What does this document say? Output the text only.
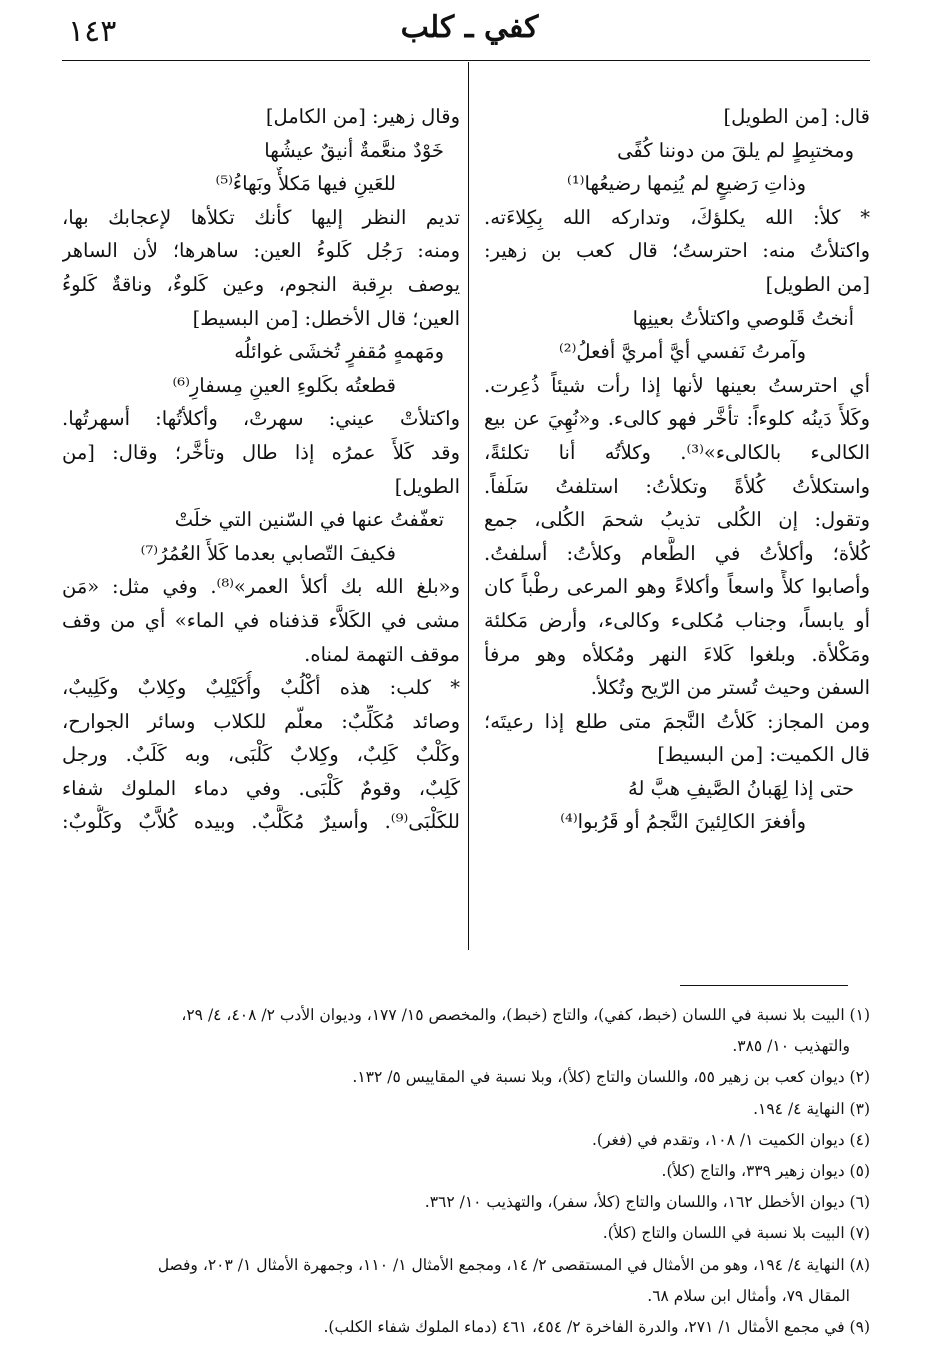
١٤٣	كفي ـ كلب
قال: [من الطويل]
ومختبِطٍ لم يلقَ من دوننا كُفًى
وذاتِ رَضيعٍ لم يُنِمها رضيعُها⁽¹⁾
* كلأ: الله يكلؤكَ، وتداركه الله بِكِلاءَته.
واكتلأتُ منه: احترستُ؛ قال كعب بن زهير:
[من الطويل]
أنختُ قَلوصي واكتلأتُ بعينِها
وآمرتُ نَفسي أيَّ أمريَّ أفعلُ⁽²⁾
أي احترستُ بعينها لأنها إذا رأت شيئاً ذُعِرت.
وكَلأَ دَينُه كلوءاً: تأخَّر فهو كالىء. و«نُهِيَ عن بيع
الكالىء بالكالىء»⁽³⁾. وكلأتُه أنا تكلئةً،
واستكلأتُ كُلأةً وتكلأتُ: استلفتُ سَلَفاً.
وتقول: إن الكُلى تذيبُ شحمَ الكُلى، جمع
كُلأة؛ وأكلأتُ في الطَّعام وكلأتُ: أسلفتُ.
وأصابوا كلأً واسعاً وأكلاءً وهو المرعى رطْباً كان
أو يابساً، وجناب مُكلىء وكالىء، وأرض مَكلئة
ومَكْلأة. وبلغوا كَلاءَ النهر ومُكلأه وهو مرفأ
السفن وحيث تُستر من الرّيح وتُكلأ.
ومن المجاز: كَلأتُ النَّجمَ متى طلع إذا رعيتَه؛
قال الكميت: [من البسيط]
حتى إذا لِهَبانُ الصَّيفِ هبَّ لهُ
وأفغرَ الكالِئينَ النَّجمُ أو قَرُبوا⁽⁴⁾
وقال زهير: [من الكامل]
خَوْدٌ منعَّمةٌ أنيقٌ عيشُها
للعَينِ فيها مَكلأٌ وبَهاءُ⁽⁵⁾
تديم النظر إليها كأنك تكلأها لإعجابك بها،
ومنه: رَجُل كَلوءُ العين: ساهرها؛ لأن الساهر
يوصف برِقبة النجوم، وعين كَلوءٌ، وناقةٌ كَلوءُ
العين؛ قال الأخطل: [من البسيط]
ومَهمهٍ مُقفرٍ تُخشَى غوائلُه
قطعتُه بكَلوءِ العينِ مِسفارِ⁽⁶⁾
واكتلأتْ عيني: سهرتْ، وأكلأتُها: أسهرتُها.
وقد كَلأَ عمرُه إذا طال وتأخَّر؛ وقال: [من
الطويل]
تعفّفتُ عنها في السّنين التي خلَتْ
فكيفَ التّصابي بعدما كَلأَ العُمُرُ⁽⁷⁾
و«بلغ الله بك أكلأ العمر»⁽⁸⁾. وفي مثل: «مَن
مشى في الكَلاَّء قذفناه في الماء» أي من وقف
موقف التهمة لمناه.
* كلب: هذه أكْلُبٌ وأُكَيْلِبٌ وكِلابٌ وكَلِيبٌ،
وصائد مُكَلِّبٌ: معلّم للكلاب وسائر الجوارح،
وكَلْبٌ كَلِبٌ، وكِلابٌ كَلْبَى، وبه كَلَبٌ. ورجل
كَلِبٌ، وقومٌ كَلْبَى. وفي دماء الملوك شفاء
للكَلْبَى⁽⁹⁾. وأسيرٌ مُكَلَّبٌ. وبيده كُلاَّبٌ وكَلُّوبٌ:
(١) البيت بلا نسبة في اللسان (خبط، كفي)، والتاج (خبط)، والمخصص ١٥/ ١٧٧، وديوان الأدب ٢/ ٤٠٨، ٤/ ٢٩،
والتهذيب ١٠/ ٣٨٥.
(٢) ديوان كعب بن زهير ٥٥، واللسان والتاج (كلأ)، وبلا نسبة في المقاييس ٥/ ١٣٢.
(٣) النهاية ٤/ ١٩٤.
(٤) ديوان الكميت ١/ ١٠٨، وتقدم في (فغر).
(٥) ديوان زهير ٣٣٩، والتاج (كلأ).
(٦) ديوان الأخطل ١٦٢، واللسان والتاج (كلأ، سفر)، والتهذيب ١٠/ ٣٦٢.
(٧) البيت بلا نسبة في اللسان والتاج (كلأ).
(٨) النهاية ٤/ ١٩٤، وهو من الأمثال في المستقصى ٢/ ١٤، ومجمع الأمثال ١/ ١١٠، وجمهرة الأمثال ١/ ٢٠٣، وفصل
المقال ٧٩، وأمثال ابن سلام ٦٨.
(٩) في مجمع الأمثال ١/ ٢٧١، والدرة الفاخرة ٢/ ٤٥٤، ٤٦١ (دماء الملوك شفاء الكلب).
